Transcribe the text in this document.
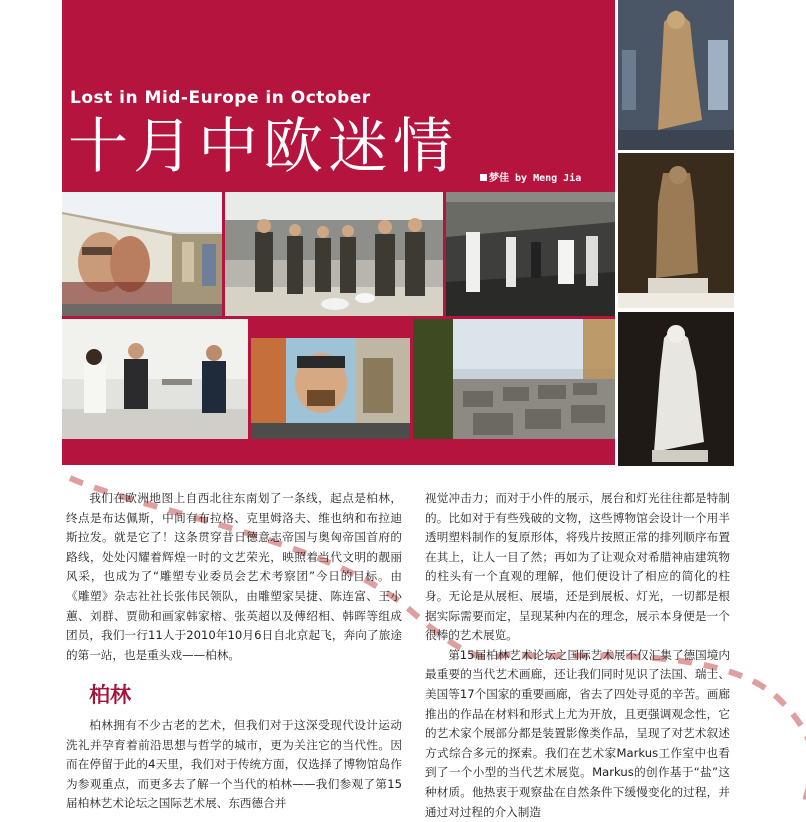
Lost in Mid-Europe in October
十月中欧迷情	梦佳 by Meng Jia

我们在欧洲地图上自西北往东南划了一条线，起点是柏林，终点是布达佩斯，中间有布拉格、克里姆洛夫、维也纳和布拉迪斯拉发。就是它了！这条贯穿昔日德意志帝国与奥匈帝国首府的路线，处处闪耀着辉煌一时的文艺荣光，映照着当代文明的靓丽风采，也成为了“雕塑专业委员会艺术考察团”今日的目标。由《雕塑》杂志社社长张伟民领队，由雕塑家吴捷、陈连富、王小蕙、刘群、贾勋和画家韩家榕、张英超以及傅绍相、韩晖等组成团员，我们一行11人于2010年10月6日自北京起飞，奔向了旅途的第一站，也是重头戏——柏林。

柏林

柏林拥有不少古老的艺术，但我们对于这深受现代设计运动洗礼并孕育着前沿思想与哲学的城市，更为关注它的当代性。因而在停留于此的4天里，我们对于传统方面，仅选择了博物馆岛作为参观重点，而更多去了解一个当代的柏林——我们参观了第15届柏林艺术论坛之国际艺术展、东西德合并

视觉冲击力；而对于小件的展示，展台和灯光往往都是特制的。比如对于有些残破的文物，这些博物馆会设计一个用半透明塑料制作的复原形体，将残片按照正常的排列顺序布置在其上，让人一目了然；再如为了让观众对希腊神庙建筑物的柱头有一个直观的理解，他们便设计了相应的简化的柱身。无论是从展柜、展墙，还是到展板、灯光，一切都是根据实际需要而定，呈现某种内在的理念，展示本身便是一个很棒的艺术展览。

第15届柏林艺术论坛之国际艺术展不仅汇集了德国境内最重要的当代艺术画廊，还让我们同时见识了法国、瑞士、美国等17个国家的重要画廊，省去了四处寻觅的辛苦。画廊推出的作品在材料和形式上尤为开放，且更强调观念性，它的艺术家个展部分都是装置影像类作品，呈现了对艺术叙述方式综合多元的探索。我们在艺术家Markus工作室中也看到了一个小型的当代艺术展览。Markus的创作基于“盐”这种材质。他热衷于观察盐在自然条件下缓慢变化的过程，并通过对过程的介入制造
